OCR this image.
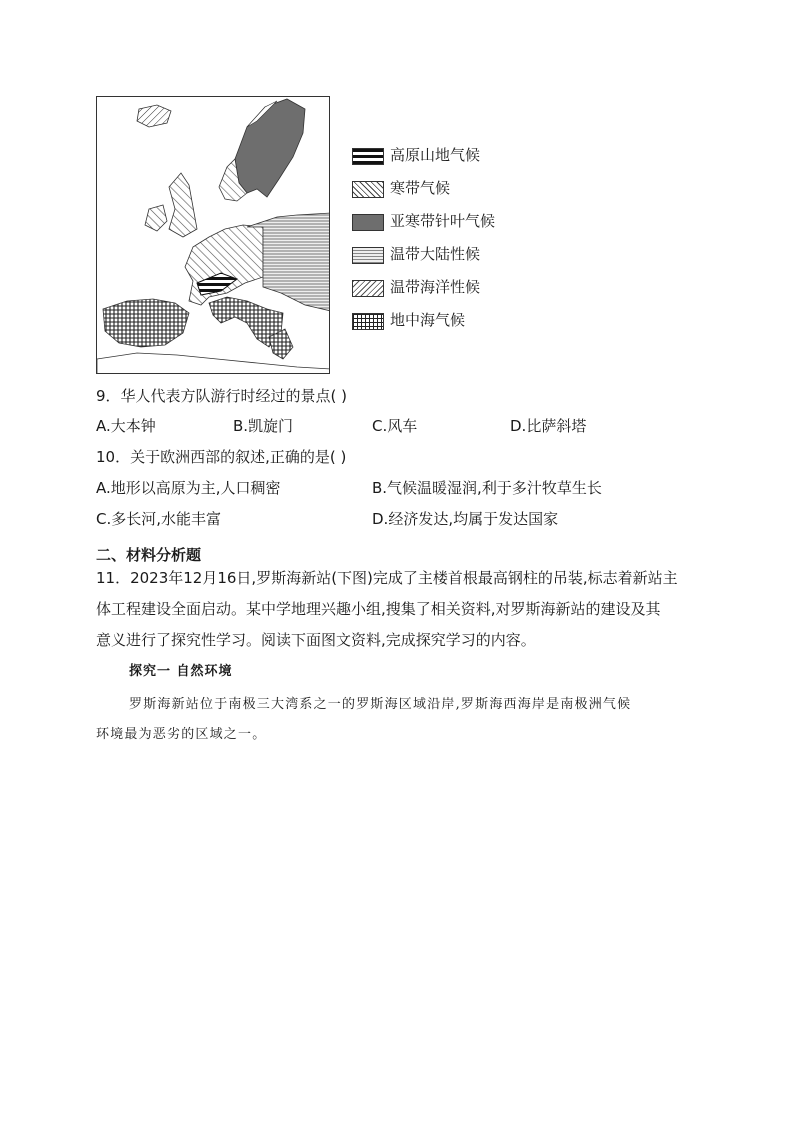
高原山地气候
寒带气候
亚寒带针叶气候
温带大陆性候
温带海洋性候
地中海气候
9．华人代表方队游行时经过的景点( )
A.大本钟	B.凯旋门	C.风车	D.比萨斜塔
10．关于欧洲西部的叙述,正确的是( )
A.地形以高原为主,人口稠密	B.气候温暖湿润,利于多汁牧草生长
C.多长河,水能丰富	D.经济发达,均属于发达国家
二、材料分析题
11．2023年12月16日,罗斯海新站(下图)完成了主楼首根最高钢柱的吊装,标志着新站主
体工程建设全面启动。某中学地理兴趣小组,搜集了相关资料,对罗斯海新站的建设及其
意义进行了探究性学习。阅读下面图文资料,完成探究学习的内容。
探究一 自然环境
罗斯海新站位于南极三大湾系之一的罗斯海区域沿岸,罗斯海西海岸是南极洲气候
环境最为恶劣的区域之一。
